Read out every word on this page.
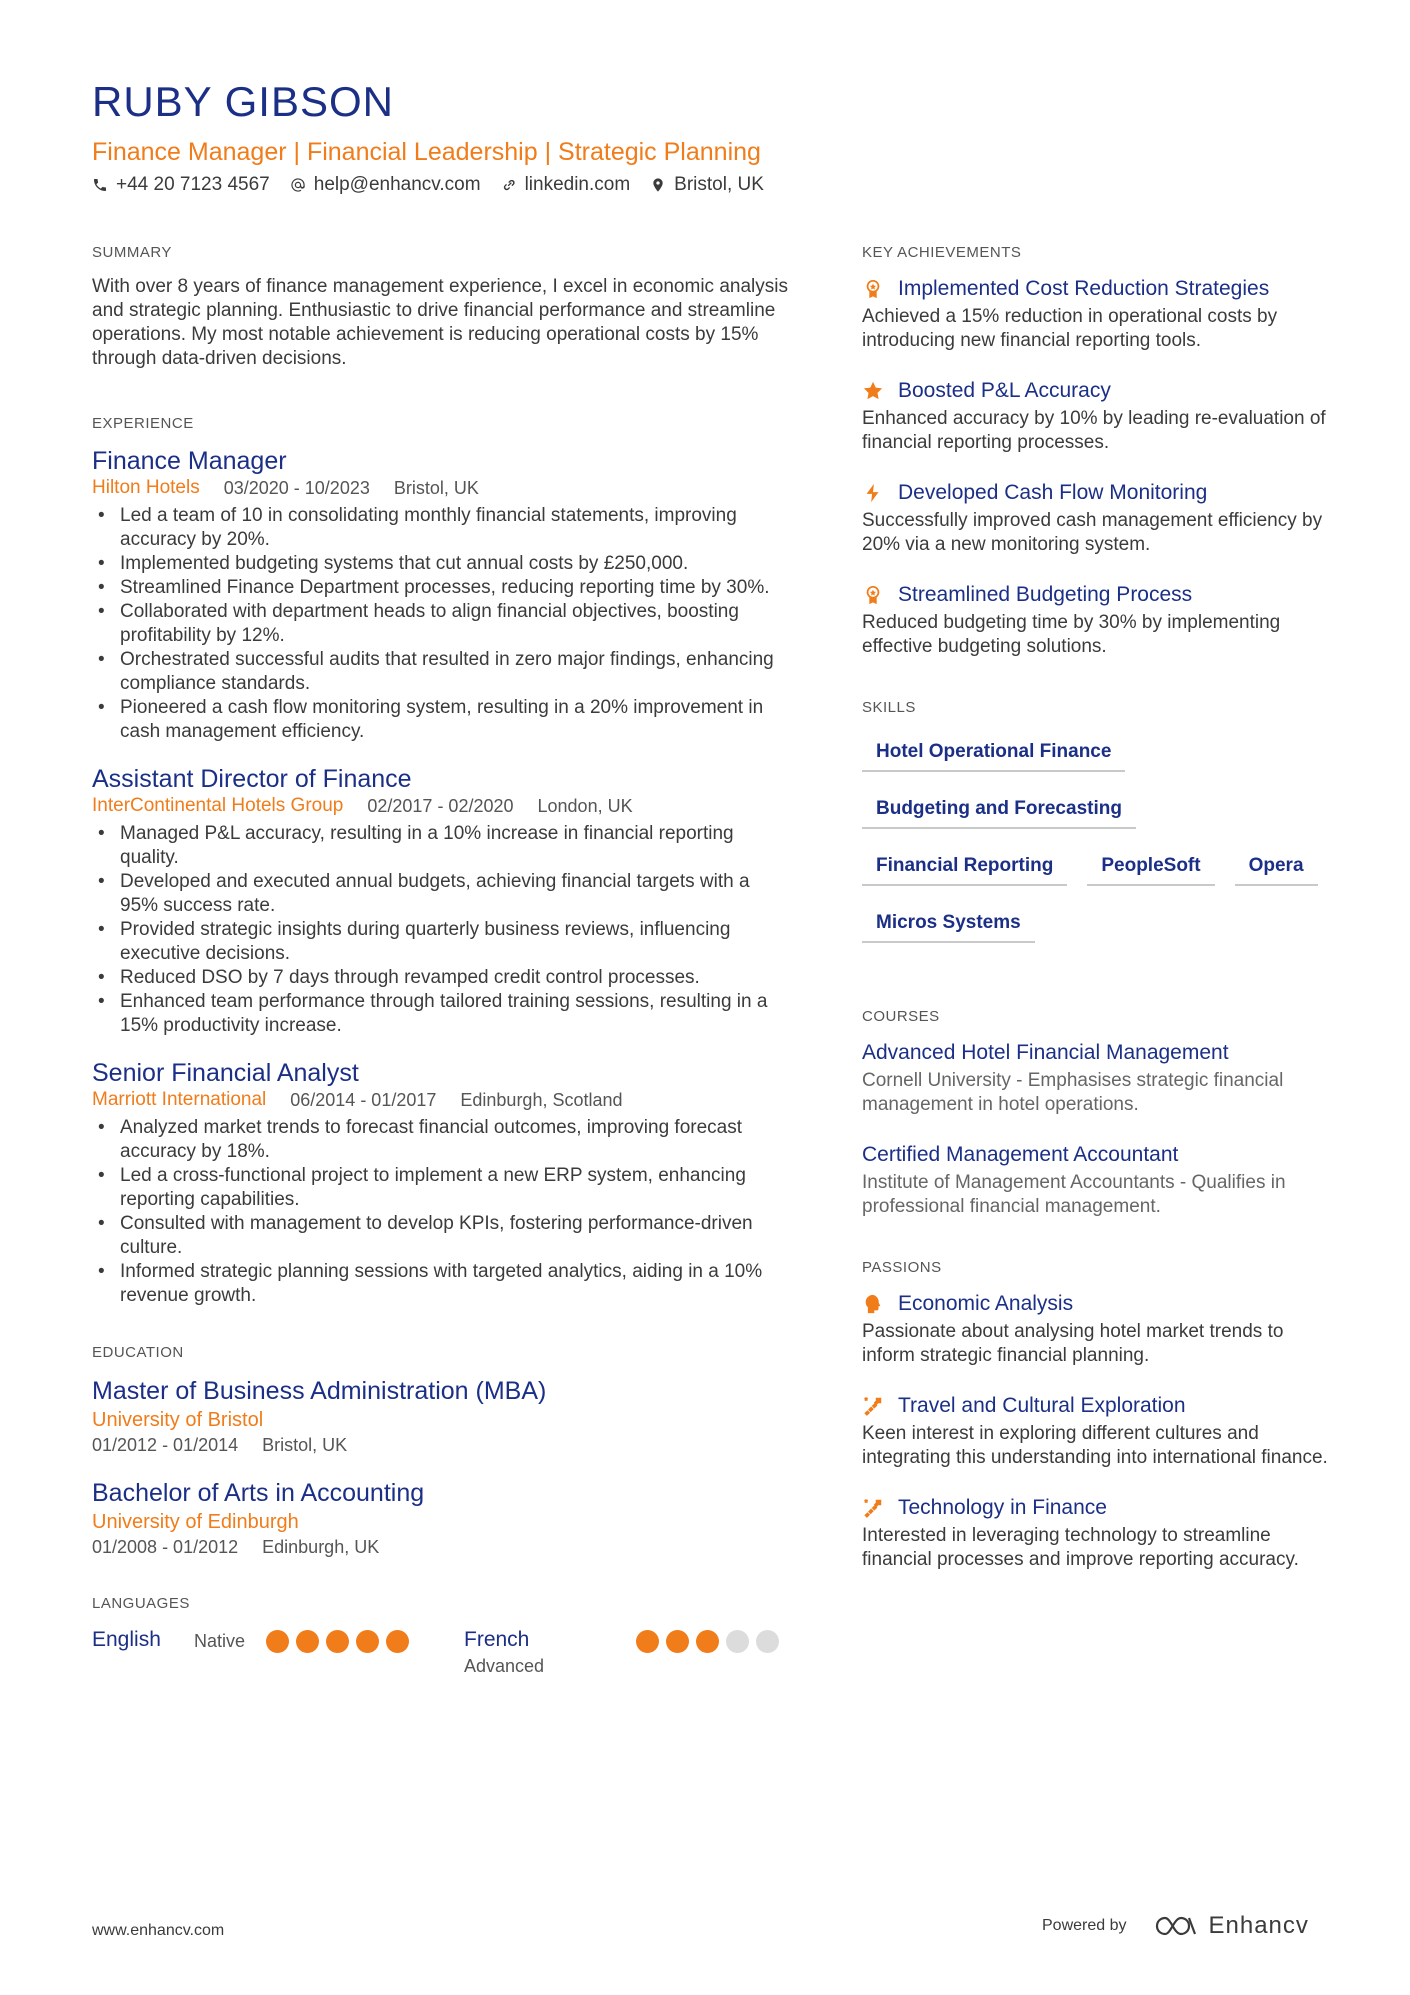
RUBY GIBSON
Finance Manager | Financial Leadership | Strategic Planning
+44 20 7123 4567 help@enhancv.com linkedin.com Bristol, UK
SUMMARY
With over 8 years of finance management experience, I excel in economic analysis and strategic planning. Enthusiastic to drive financial performance and streamline operations. My most notable achievement is reducing operational costs by 15% through data-driven decisions.
EXPERIENCE
Finance Manager
Hilton Hotels 03/2020 - 10/2023 Bristol, UK
• Led a team of 10 in consolidating monthly financial statements, improving accuracy by 20%.
• Implemented budgeting systems that cut annual costs by £250,000.
• Streamlined Finance Department processes, reducing reporting time by 30%.
• Collaborated with department heads to align financial objectives, boosting profitability by 12%.
• Orchestrated successful audits that resulted in zero major findings, enhancing compliance standards.
• Pioneered a cash flow monitoring system, resulting in a 20% improvement in cash management efficiency.
Assistant Director of Finance
InterContinental Hotels Group 02/2017 - 02/2020 London, UK
• Managed P&L accuracy, resulting in a 10% increase in financial reporting quality.
• Developed and executed annual budgets, achieving financial targets with a 95% success rate.
• Provided strategic insights during quarterly business reviews, influencing executive decisions.
• Reduced DSO by 7 days through revamped credit control processes.
• Enhanced team performance through tailored training sessions, resulting in a 15% productivity increase.
Senior Financial Analyst
Marriott International 06/2014 - 01/2017 Edinburgh, Scotland
• Analyzed market trends to forecast financial outcomes, improving forecast accuracy by 18%.
• Led a cross-functional project to implement a new ERP system, enhancing reporting capabilities.
• Consulted with management to develop KPIs, fostering performance-driven culture.
• Informed strategic planning sessions with targeted analytics, aiding in a 10% revenue growth.
EDUCATION
Master of Business Administration (MBA)
University of Bristol
01/2012 - 01/2014 Bristol, UK
Bachelor of Arts in Accounting
University of Edinburgh
01/2008 - 01/2012 Edinburgh, UK
LANGUAGES
English	Native	French
Advanced
KEY ACHIEVEMENTS
Implemented Cost Reduction Strategies
Achieved a 15% reduction in operational costs by introducing new financial reporting tools.
Boosted P&L Accuracy
Enhanced accuracy by 10% by leading re-evaluation of financial reporting processes.
Developed Cash Flow Monitoring
Successfully improved cash management efficiency by 20% via a new monitoring system.
Streamlined Budgeting Process
Reduced budgeting time by 30% by implementing effective budgeting solutions.
SKILLS
Hotel Operational Finance
Budgeting and Forecasting
Financial Reporting	PeopleSoft	Opera
Micros Systems
COURSES
Advanced Hotel Financial Management
Cornell University - Emphasises strategic financial management in hotel operations.
Certified Management Accountant
Institute of Management Accountants - Qualifies in professional financial management.
PASSIONS
Economic Analysis
Passionate about analysing hotel market trends to inform strategic financial planning.
Travel and Cultural Exploration
Keen interest in exploring different cultures and integrating this understanding into international finance.
Technology in Finance
Interested in leveraging technology to streamline financial processes and improve reporting accuracy.
www.enhancv.com	Powered by	Enhancv
